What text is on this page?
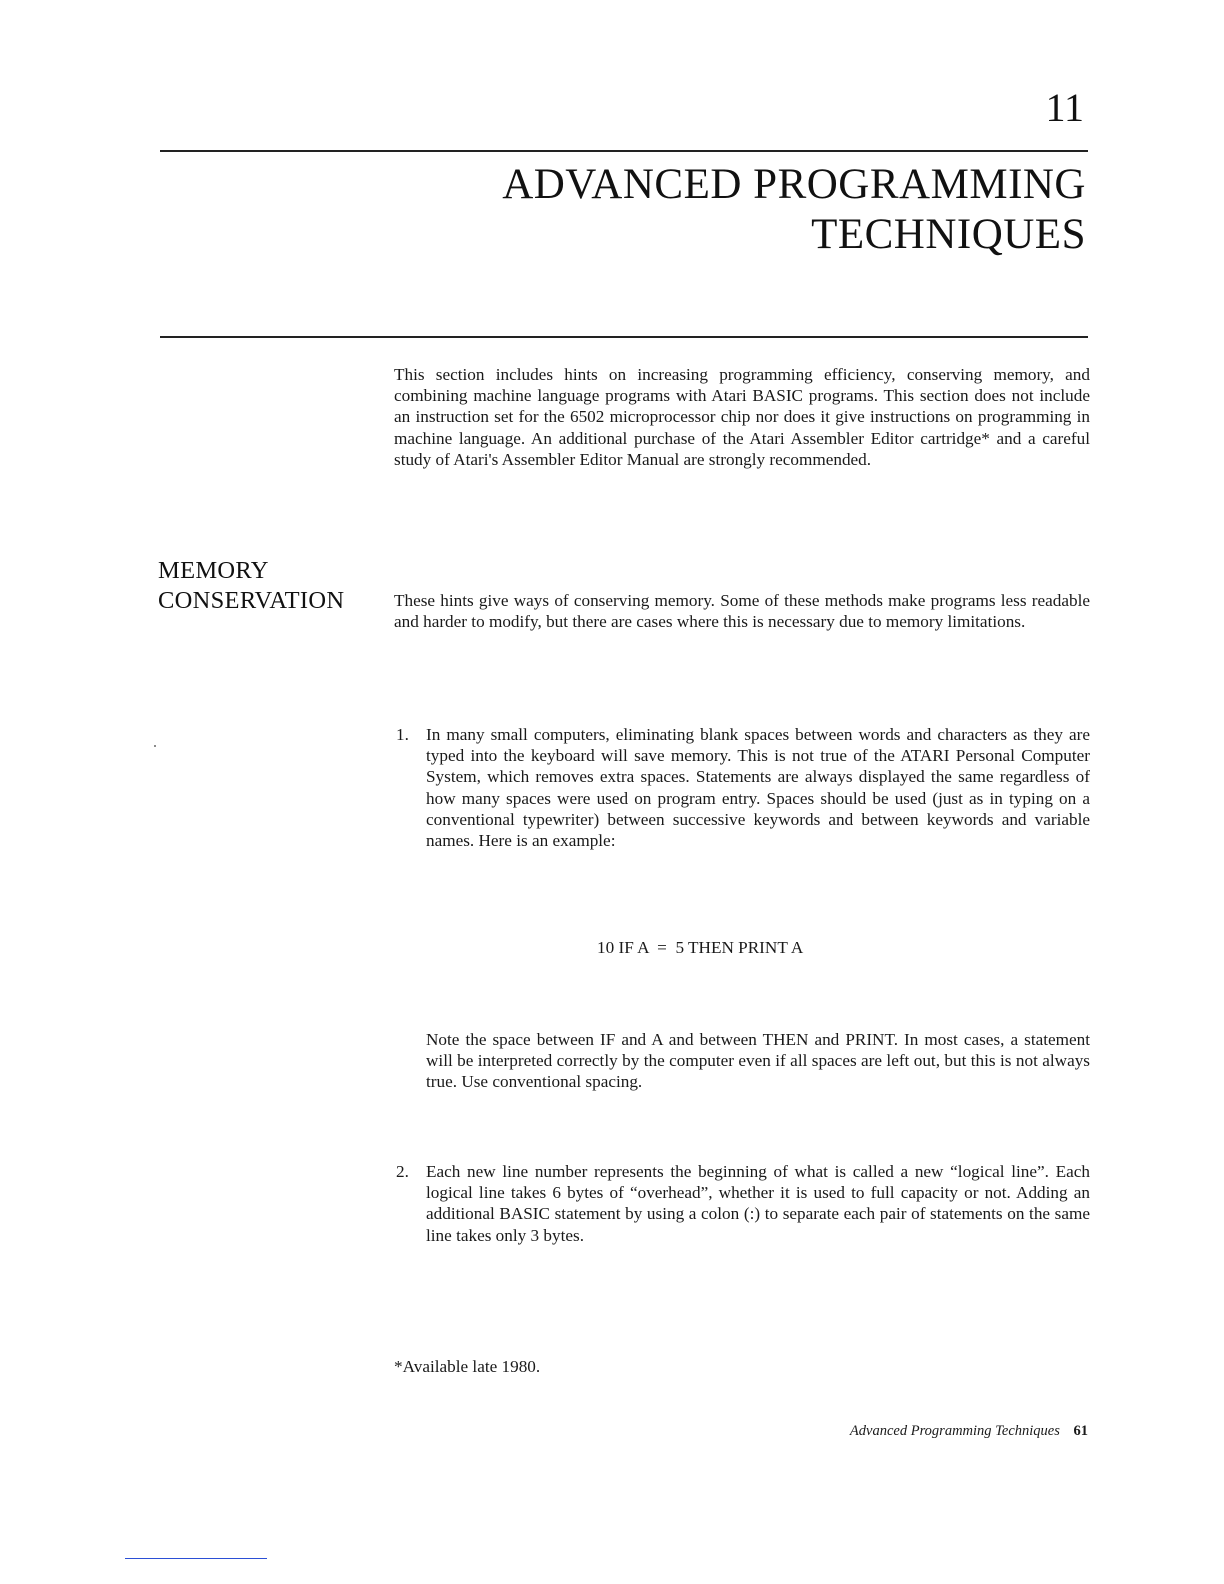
11
ADVANCED PROGRAMMING
TECHNIQUES

This section includes hints on increasing programming efficiency, conserving memory, and combining machine language programs with Atari BASIC programs. This section does not include an instruction set for the 6502 microprocessor chip nor does it give instructions on programming in machine language. An additional purchase of the Atari Assembler Editor cartridge* and a careful study of Atari's Assembler Editor Manual are strongly recommended.

MEMORY
CONSERVATION	These hints give ways of conserving memory. Some of these methods make programs less readable and harder to modify, but there are cases where this is necessary due to memory limitations.

1. In many small computers, eliminating blank spaces between words and characters as they are typed into the keyboard will save memory. This is not true of the ATARI Personal Computer System, which removes extra spaces. Statements are always displayed the same regardless of how many spaces were used on program entry. Spaces should be used (just as in typing on a conventional typewriter) between successive keywords and between keywords and variable names. Here is an example:
10 IF A  =  5 THEN PRINT A

Note the space between IF and A and between THEN and PRINT. In most cases, a statement will be interpreted correctly by the computer even if all spaces are left out, but this is not always true. Use conventional spacing.

2. Each new line number represents the beginning of what is called a new “logical line”. Each logical line takes 6 bytes of “overhead”, whether it is used to full capacity or not. Adding an additional BASIC statement by using a colon (:) to separate each pair of statements on the same line takes only 3 bytes.
*Available late 1980.
Advanced Programming Techniques 61
